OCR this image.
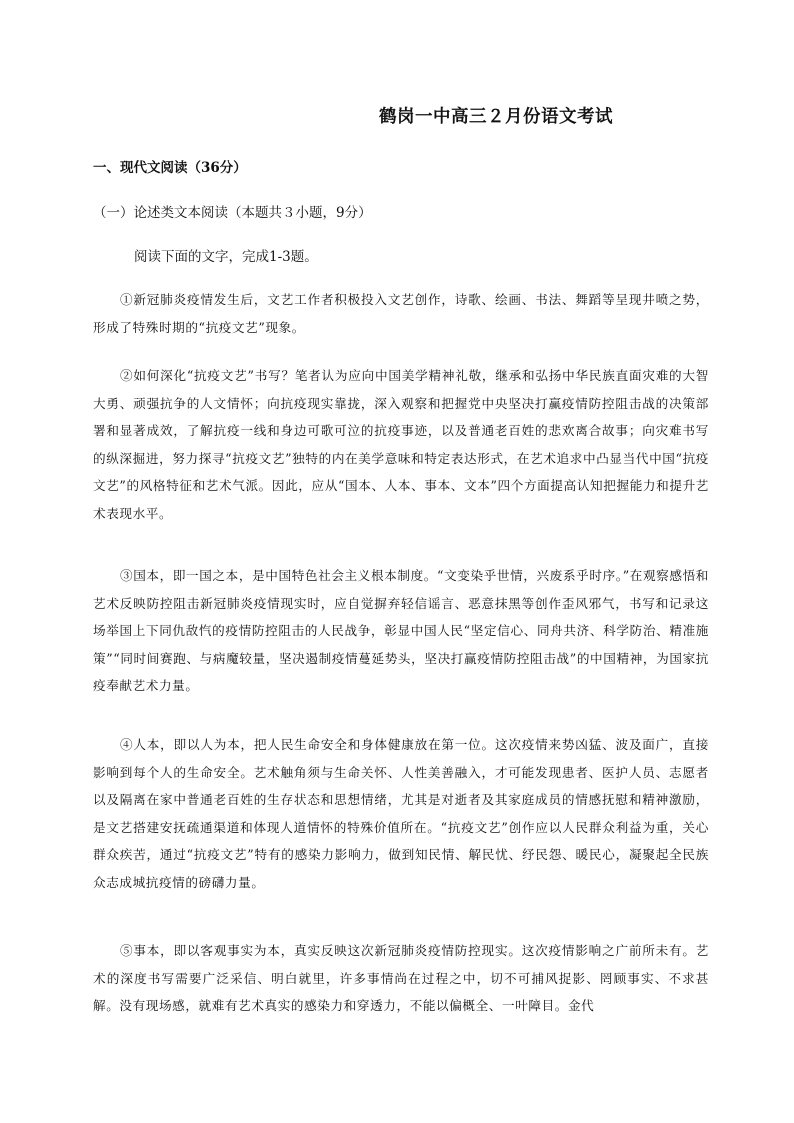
鹤岗一中高三２月份语文考试
一、现代文阅读（36分）
（一）论述类文本阅读（本题共３小题，9分）
阅读下面的文字，完成1-3题。

①新冠肺炎疫情发生后，文艺工作者积极投入文艺创作，诗歌、绘画、书法、舞蹈等呈现井喷之势，形成了特殊时期的“抗疫文艺”现象。

②如何深化“抗疫文艺”书写？笔者认为应向中国美学精神礼敬，继承和弘扬中华民族直面灾难的大智大勇、顽强抗争的人文情怀；向抗疫现实靠拢，深入观察和把握党中央坚决打赢疫情防控阻击战的决策部署和显著成效，了解抗疫一线和身边可歌可泣的抗疫事迹，以及普通老百姓的悲欢离合故事；向灾难书写的纵深掘进，努力探寻“抗疫文艺”独特的内在美学意味和特定表达形式，在艺术追求中凸显当代中国“抗疫文艺”的风格特征和艺术气派。因此，应从“国本、人本、事本、文本”四个方面提高认知把握能力和提升艺术表现水平。

③国本，即一国之本，是中国特色社会主义根本制度。“文变染乎世情，兴废系乎时序。”在观察感悟和艺术反映防控阻击新冠肺炎疫情现实时，应自觉摒弃轻信谣言、恶意抹黑等创作歪风邪气，书写和记录这场举国上下同仇敌忾的疫情防控阻击的人民战争，彰显中国人民“坚定信心、同舟共济、科学防治、精准施策”“同时间赛跑、与病魔较量，坚决遏制疫情蔓延势头，坚决打赢疫情防控阻击战”的中国精神，为国家抗疫奉献艺术力量。

④人本，即以人为本，把人民生命安全和身体健康放在第一位。这次疫情来势凶猛、波及面广，直接影响到每个人的生命安全。艺术触角须与生命关怀、人性美善融入，才可能发现患者、医护人员、志愿者以及隔离在家中普通老百姓的生存状态和思想情绪，尤其是对逝者及其家庭成员的情感抚慰和精神激励，是文艺搭建安抚疏通渠道和体现人道情怀的特殊价值所在。“抗疫文艺”创作应以人民群众利益为重，关心群众疾苦，通过“抗疫文艺”特有的感染力影响力，做到知民情、解民忧、纾民怨、暖民心，凝聚起全民族众志成城抗疫情的磅礴力量。

⑤事本，即以客观事实为本，真实反映这次新冠肺炎疫情防控现实。这次疫情影响之广前所未有。艺术的深度书写需要广泛采信、明白就里，许多事情尚在过程之中，切不可捕风捉影、罔顾事实、不求甚解。没有现场感，就难有艺术真实的感染力和穿透力，不能以偏概全、一叶障目。金代
